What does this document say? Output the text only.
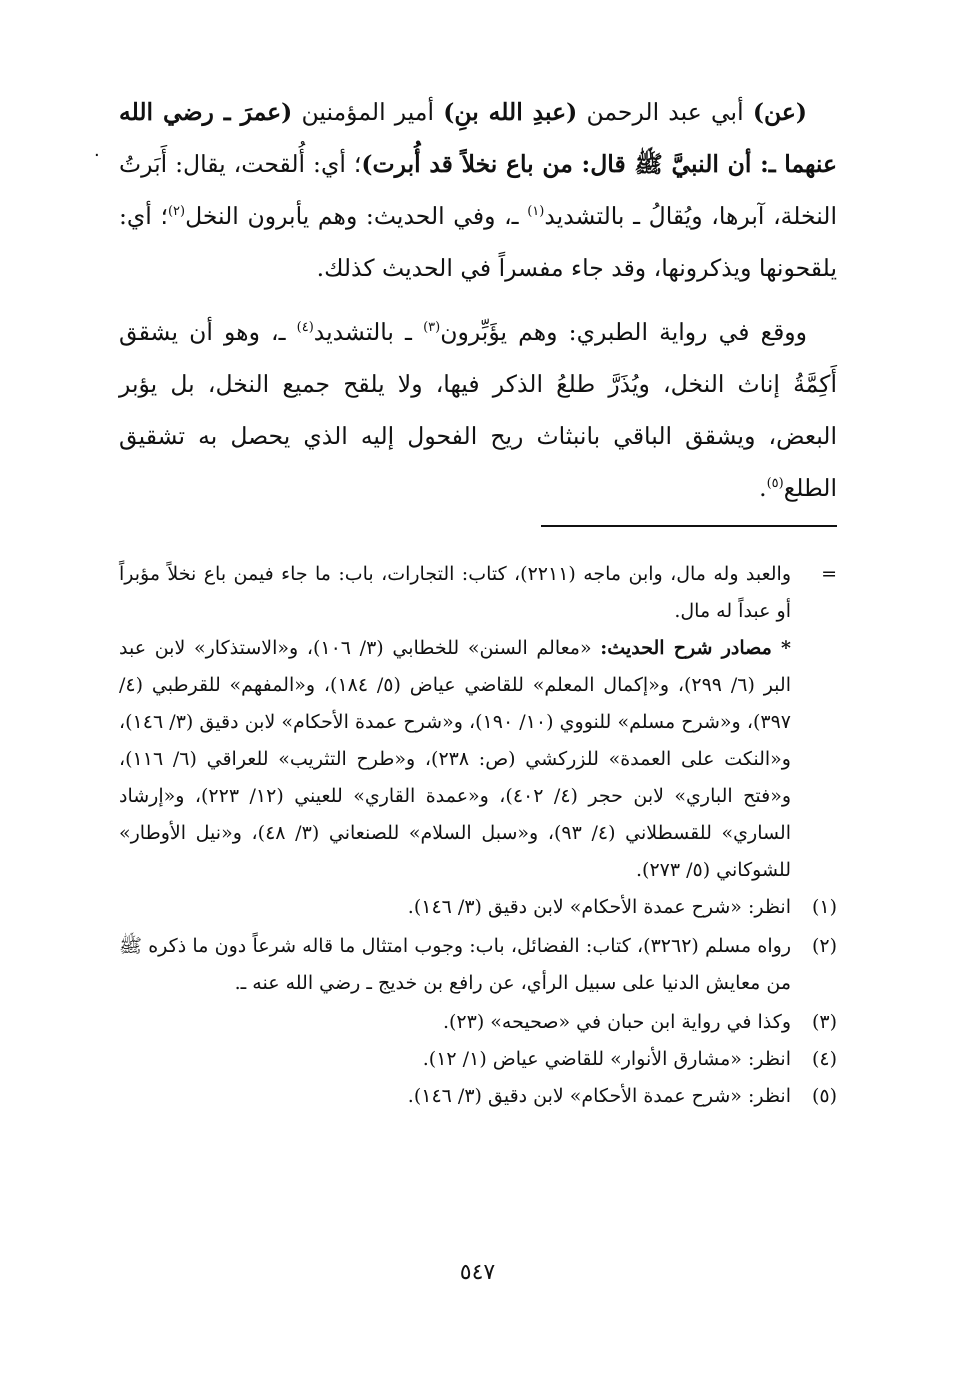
٠

(عن) أبي عبد الرحمن (عبدِ الله بنِ) أمير المؤمنين (عمرَ ـ رضي الله عنهما ـ: أن النبيَّ ﷺ قال: من باع نخلاً قد أُبرت)؛ أي: أُلقحت، يقال: أَبَرتُ النخلة، آبرها، ويُقالُ ـ بالتشديد$^{(١)}$ ـ، وفي الحديث: وهم يأبرون النخل$^{(٢)}$؛ أي: يلقحونها ويذكرونها، وقد جاء مفسراً في الحديث كذلك.

ووقع في رواية الطبري: وهم يؤَبِّرون$^{(٣)}$ ـ بالتشديد$^{(٤)}$ ـ، وهو أن يشقق أَكِمَّةُ إناث النخل، ويُذَرَّ طلعُ الذكر فيها، ولا يلقح جميع النخل، بل يؤبر البعض، ويشقق الباقي بانبثاث ريح الفحول إليه الذي يحصل به تشقيق الطلع$^{(٥)}$.

=
والعبد وله مال، وابن ماجه (٢٢١١)، كتاب: التجارات، باب: ما جاء فيمن باع نخلاً مؤبراً أو عبداً له مال.
* مصادر شرح الحديث: «معالم السنن» للخطابي (٣/ ١٠٦)، و«الاستذكار» لابن عبد البر (٦/ ٢٩٩)، و«إكمال المعلم» للقاضي عياض (٥/ ١٨٤)، و«المفهم» للقرطبي (٤/ ٣٩٧)، و«شرح مسلم» للنووي (١٠/ ١٩٠)، و«شرح عمدة الأحكام» لابن دقيق (٣/ ١٤٦)، و«النكت على العمدة» للزركشي (ص: ٢٣٨)، و«طرح التثريب» للعراقي (٦/ ١١٦)، و«فتح الباري» لابن حجر (٤/ ٤٠٢)، و«عمدة القاري» للعيني (١٢/ ٢٢٣)، و«إرشاد الساري» للقسطلاني (٤/ ٩٣)، و«سبل السلام» للصنعاني (٣/ ٤٨)، و«نيل الأوطار» للشوكاني (٥/ ٢٧٣).
(١)
انظر: «شرح عمدة الأحكام» لابن دقيق (٣/ ١٤٦).
(٢)
رواه مسلم (٣٢٦٢)، كتاب: الفضائل، باب: وجوب امتثال ما قاله شرعاً دون ما ذكره ﷺ من معايش الدنيا على سبيل الرأي، عن رافع بن خديج ـ رضي الله عنه ـ.
(٣)
وكذا في رواية ابن حبان في «صحيحه» (٢٣).
(٤)
انظر: «مشارق الأنوار» للقاضي عياض (١/ ١٢).
(٥)
انظر: «شرح عمدة الأحكام» لابن دقيق (٣/ ١٤٦).
٥٤٧
